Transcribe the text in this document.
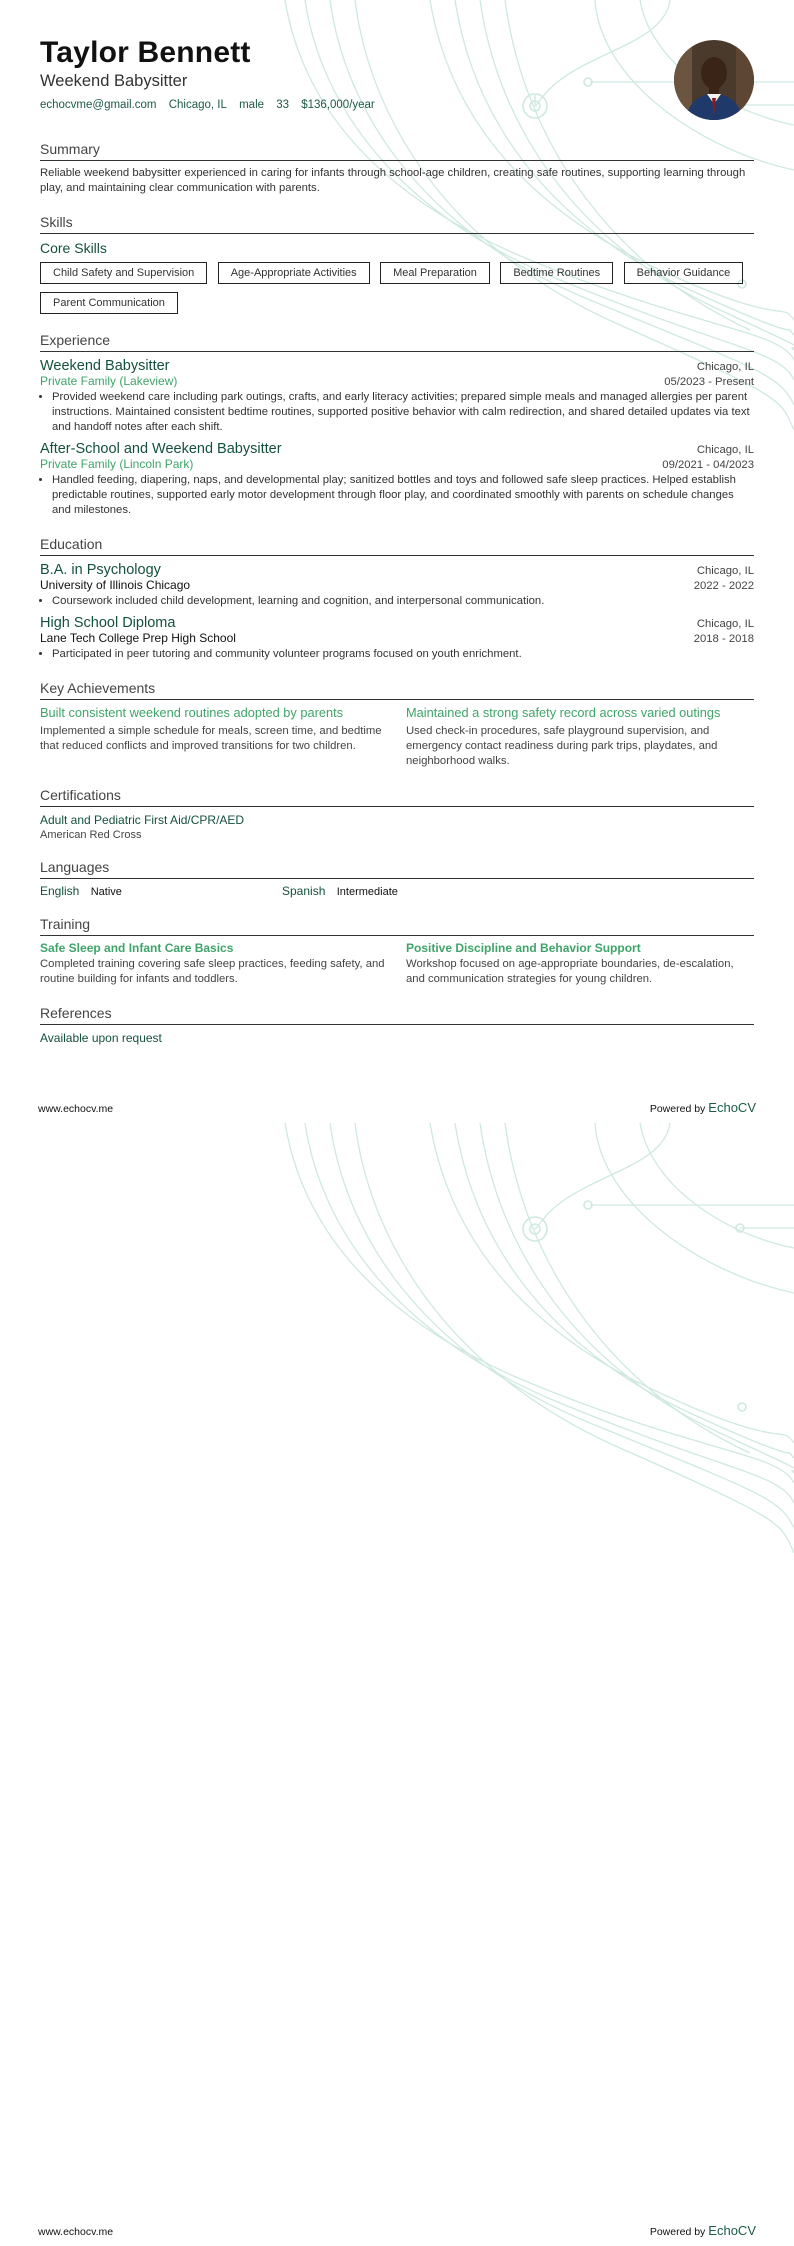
Taylor Bennett
Weekend Babysitter
echocvme@gmail.com Chicago, IL male 33 $136,000/year
Summary
Reliable weekend babysitter experienced in caring for infants through school-age children, creating safe routines, supporting learning through play, and maintaining clear communication with parents.
Skills
Core Skills
Child Safety and Supervision	Age-Appropriate Activities	Meal Preparation	Bedtime Routines	Behavior Guidance Parent Communication
Experience
Weekend Babysitter	Chicago, IL
Private Family (Lakeview)	05/2023 - Present
• Provided weekend care including park outings, crafts, and early literacy activities; prepared simple meals and managed allergies per parent instructions. Maintained consistent bedtime routines, supported positive behavior with calm redirection, and shared detailed updates via text and handoff notes after each shift.
After-School and Weekend Babysitter	Chicago, IL
Private Family (Lincoln Park)	09/2021 - 04/2023
• Handled feeding, diapering, naps, and developmental play; sanitized bottles and toys and followed safe sleep practices. Helped establish predictable routines, supported early motor development through floor play, and coordinated smoothly with parents on schedule changes and milestones.
Education
B.A. in Psychology	Chicago, IL
University of Illinois Chicago	2022 - 2022
• Coursework included child development, learning and cognition, and interpersonal communication.
High School Diploma	Chicago, IL
Lane Tech College Prep High School	2018 - 2018
• Participated in peer tutoring and community volunteer programs focused on youth enrichment.
Key Achievements
Built consistent weekend routines adopted by parents
Implemented a simple schedule for meals, screen time, and bedtime that reduced conflicts and improved transitions for two children.
Maintained a strong safety record across varied outings
Used check-in procedures, safe playground supervision, and emergency contact readiness during park trips, playdates, and neighborhood walks.
Certifications
Adult and Pediatric First Aid/CPR/AED
American Red Cross
Languages
English Native	Spanish Intermediate
Training
Safe Sleep and Infant Care Basics
Completed training covering safe sleep practices, feeding safety, and routine building for infants and toddlers.
Positive Discipline and Behavior Support
Workshop focused on age-appropriate boundaries, de-escalation, and communication strategies for young children.
References
Available upon request
www.echocv.me	Powered by EchoCV
www.echocv.me	Powered by EchoCV
